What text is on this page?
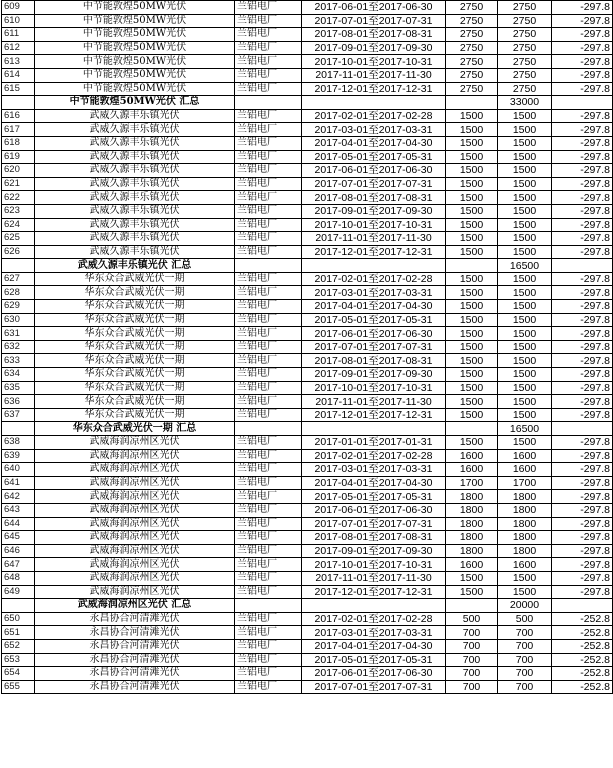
609	中节能敦煌50MW光伏	兰铝电厂	2017-06-01至2017-06-30	2750	2750	-297.8
610	中节能敦煌50MW光伏	兰铝电厂	2017-07-01至2017-07-31	2750	2750	-297.8
611	中节能敦煌50MW光伏	兰铝电厂	2017-08-01至2017-08-31	2750	2750	-297.8
612	中节能敦煌50MW光伏	兰铝电厂	2017-09-01至2017-09-30	2750	2750	-297.8
613	中节能敦煌50MW光伏	兰铝电厂	2017-10-01至2017-10-31	2750	2750	-297.8
614	中节能敦煌50MW光伏	兰铝电厂	2017-11-01至2017-11-30	2750	2750	-297.8
615	中节能敦煌50MW光伏	兰铝电厂	2017-12-01至2017-12-31	2750	2750	-297.8
	中节能敦煌50MW光伏 汇总				33000	
616	武威久源丰乐镇光伏	兰铝电厂	2017-02-01至2017-02-28	1500	1500	-297.8
617	武威久源丰乐镇光伏	兰铝电厂	2017-03-01至2017-03-31	1500	1500	-297.8
618	武威久源丰乐镇光伏	兰铝电厂	2017-04-01至2017-04-30	1500	1500	-297.8
619	武威久源丰乐镇光伏	兰铝电厂	2017-05-01至2017-05-31	1500	1500	-297.8
620	武威久源丰乐镇光伏	兰铝电厂	2017-06-01至2017-06-30	1500	1500	-297.8
621	武威久源丰乐镇光伏	兰铝电厂	2017-07-01至2017-07-31	1500	1500	-297.8
622	武威久源丰乐镇光伏	兰铝电厂	2017-08-01至2017-08-31	1500	1500	-297.8
623	武威久源丰乐镇光伏	兰铝电厂	2017-09-01至2017-09-30	1500	1500	-297.8
624	武威久源丰乐镇光伏	兰铝电厂	2017-10-01至2017-10-31	1500	1500	-297.8
625	武威久源丰乐镇光伏	兰铝电厂	2017-11-01至2017-11-30	1500	1500	-297.8
626	武威久源丰乐镇光伏	兰铝电厂	2017-12-01至2017-12-31	1500	1500	-297.8
	武威久源丰乐镇光伏 汇总				16500	
627	华东众合武威光伏一期	兰铝电厂	2017-02-01至2017-02-28	1500	1500	-297.8
628	华东众合武威光伏一期	兰铝电厂	2017-03-01至2017-03-31	1500	1500	-297.8
629	华东众合武威光伏一期	兰铝电厂	2017-04-01至2017-04-30	1500	1500	-297.8
630	华东众合武威光伏一期	兰铝电厂	2017-05-01至2017-05-31	1500	1500	-297.8
631	华东众合武威光伏一期	兰铝电厂	2017-06-01至2017-06-30	1500	1500	-297.8
632	华东众合武威光伏一期	兰铝电厂	2017-07-01至2017-07-31	1500	1500	-297.8
633	华东众合武威光伏一期	兰铝电厂	2017-08-01至2017-08-31	1500	1500	-297.8
634	华东众合武威光伏一期	兰铝电厂	2017-09-01至2017-09-30	1500	1500	-297.8
635	华东众合武威光伏一期	兰铝电厂	2017-10-01至2017-10-31	1500	1500	-297.8
636	华东众合武威光伏一期	兰铝电厂	2017-11-01至2017-11-30	1500	1500	-297.8
637	华东众合武威光伏一期	兰铝电厂	2017-12-01至2017-12-31	1500	1500	-297.8
	华东众合武威光伏一期 汇总				16500	
638	武威海润凉州区光伏	兰铝电厂	2017-01-01至2017-01-31	1500	1500	-297.8
639	武威海润凉州区光伏	兰铝电厂	2017-02-01至2017-02-28	1600	1600	-297.8
640	武威海润凉州区光伏	兰铝电厂	2017-03-01至2017-03-31	1600	1600	-297.8
641	武威海润凉州区光伏	兰铝电厂	2017-04-01至2017-04-30	1700	1700	-297.8
642	武威海润凉州区光伏	兰铝电厂	2017-05-01至2017-05-31	1800	1800	-297.8
643	武威海润凉州区光伏	兰铝电厂	2017-06-01至2017-06-30	1800	1800	-297.8
644	武威海润凉州区光伏	兰铝电厂	2017-07-01至2017-07-31	1800	1800	-297.8
645	武威海润凉州区光伏	兰铝电厂	2017-08-01至2017-08-31	1800	1800	-297.8
646	武威海润凉州区光伏	兰铝电厂	2017-09-01至2017-09-30	1800	1800	-297.8
647	武威海润凉州区光伏	兰铝电厂	2017-10-01至2017-10-31	1600	1600	-297.8
648	武威海润凉州区光伏	兰铝电厂	2017-11-01至2017-11-30	1500	1500	-297.8
649	武威海润凉州区光伏	兰铝电厂	2017-12-01至2017-12-31	1500	1500	-297.8
	武威海润凉州区光伏 汇总				20000	
650	永昌协合河清滩光伏	兰铝电厂	2017-02-01至2017-02-28	500	500	-252.8
651	永昌协合河清滩光伏	兰铝电厂	2017-03-01至2017-03-31	700	700	-252.8
652	永昌协合河清滩光伏	兰铝电厂	2017-04-01至2017-04-30	700	700	-252.8
653	永昌协合河清滩光伏	兰铝电厂	2017-05-01至2017-05-31	700	700	-252.8
654	永昌协合河清滩光伏	兰铝电厂	2017-06-01至2017-06-30	700	700	-252.8
655	永昌协合河清滩光伏	兰铝电厂	2017-07-01至2017-07-31	700	700	-252.8
